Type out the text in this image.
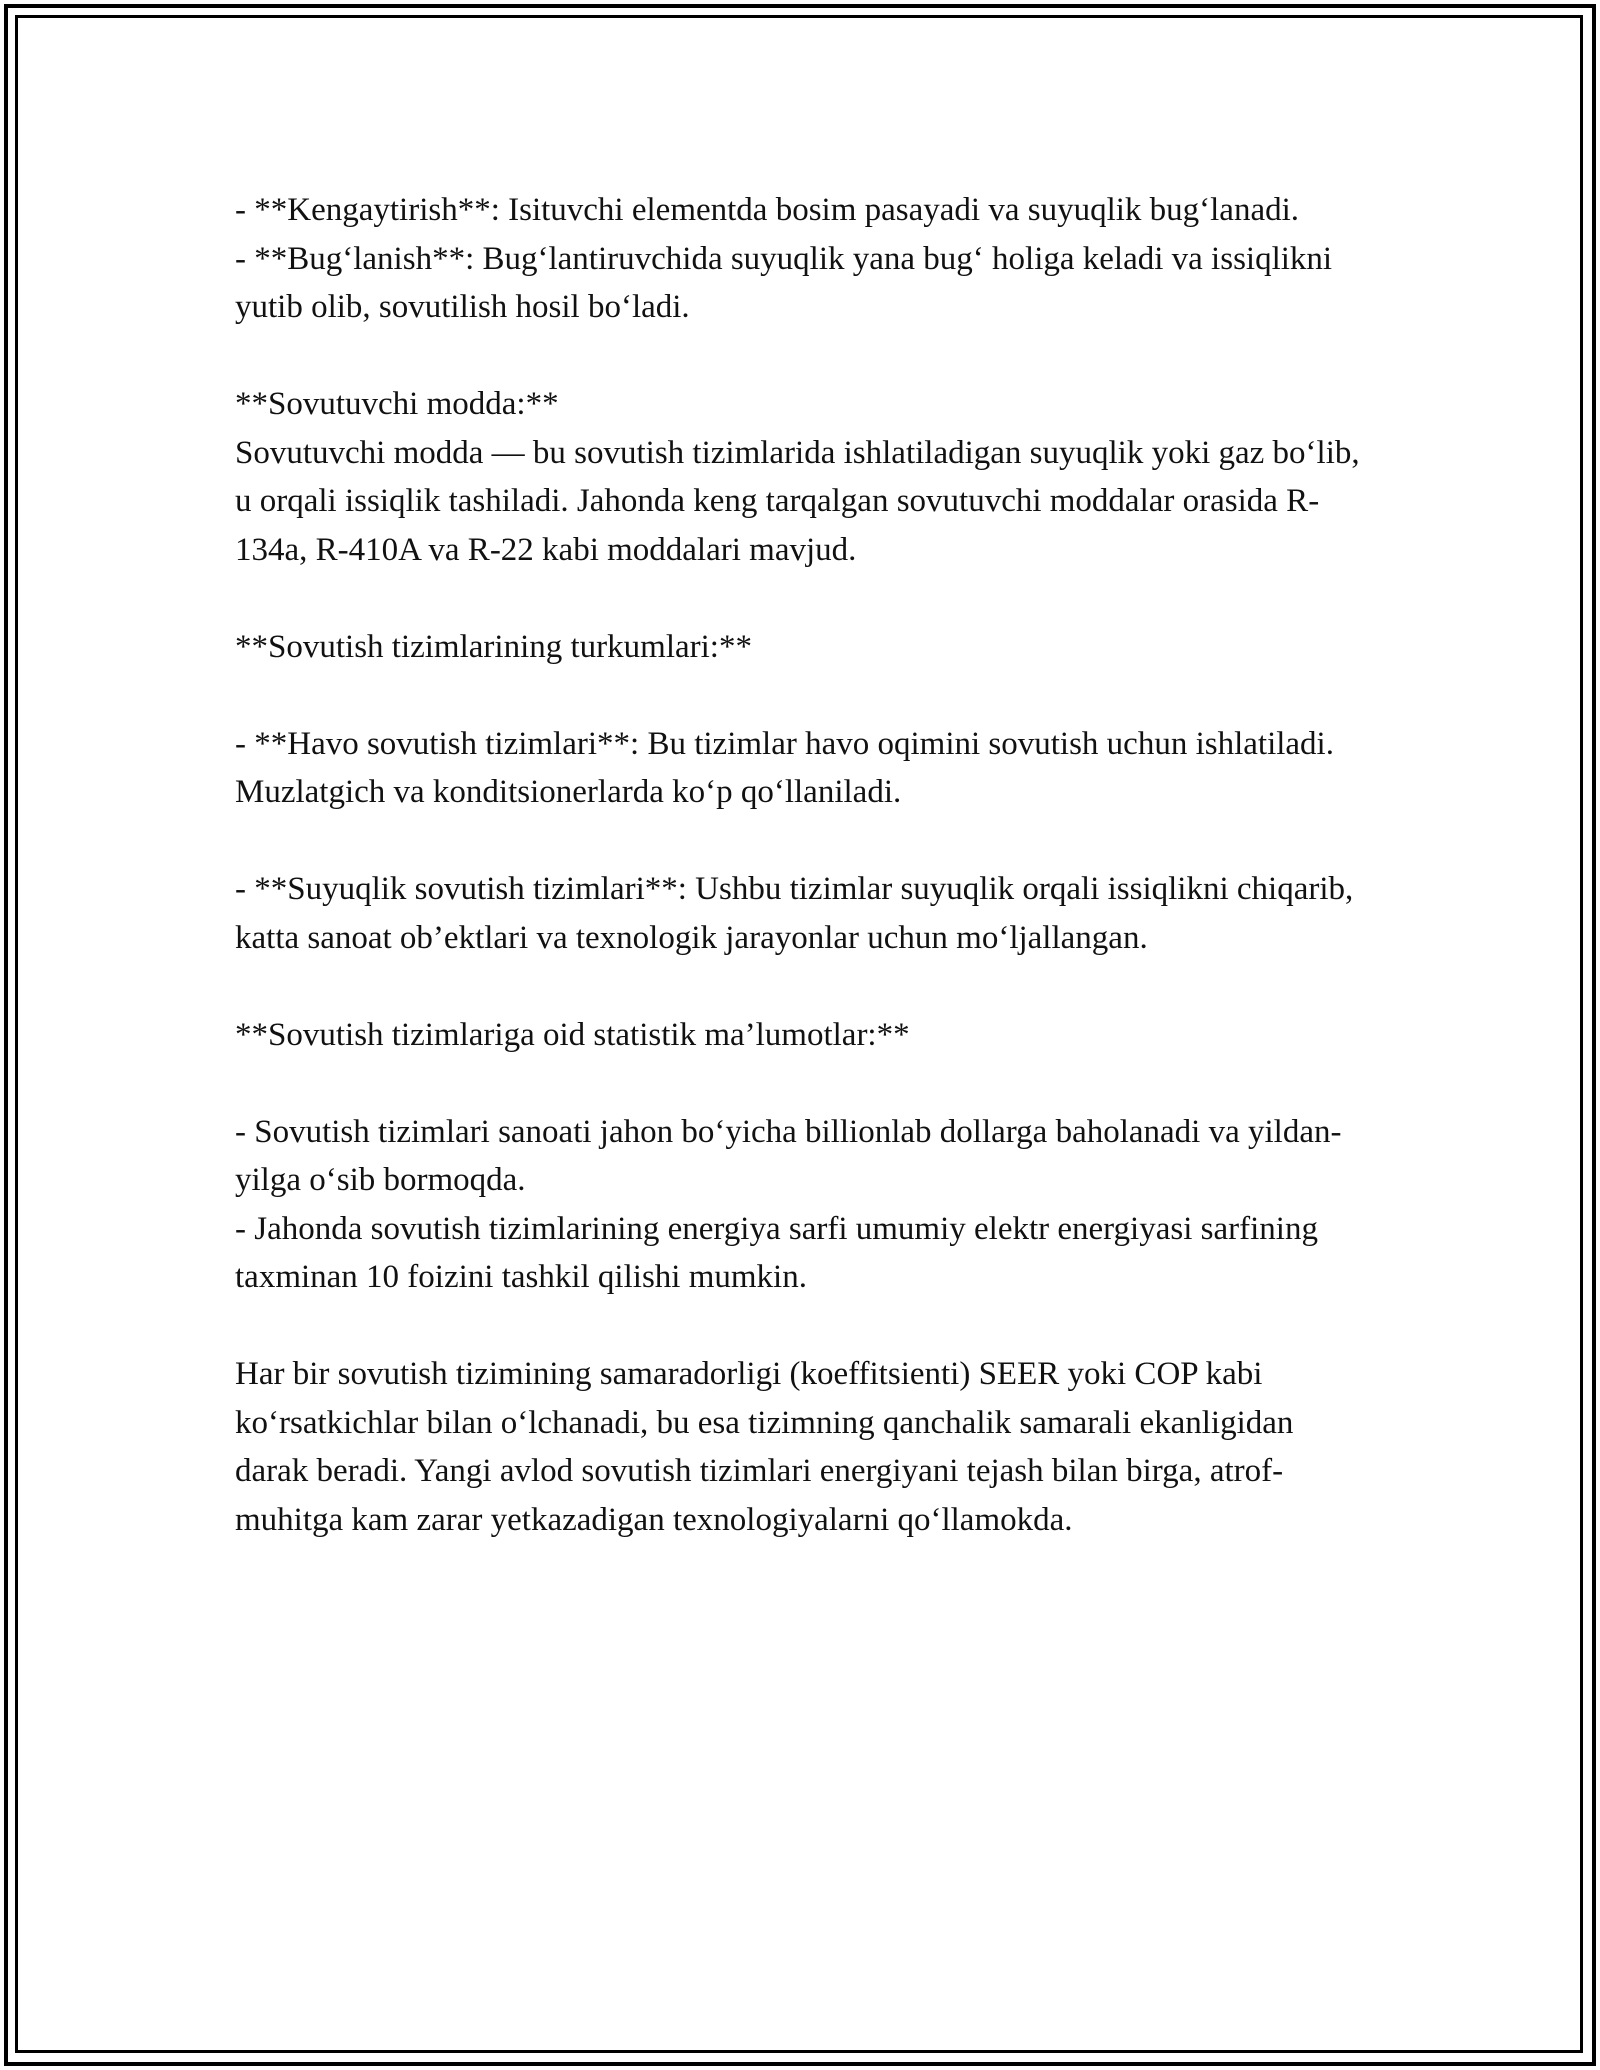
- **Kengaytirish**: Isituvchi elementda bosim pasayadi va suyuqlik bug‘lanadi.

- **Bug‘lanish**: Bug‘lantiruvchida suyuqlik yana bug‘ holiga keladi va issiqlikni yutib olib, sovutilish hosil bo‘ladi.

**Sovutuvchi modda:**

Sovutuvchi modda — bu sovutish tizimlarida ishlatiladigan suyuqlik yoki gaz bo‘lib, u orqali issiqlik tashiladi. Jahonda keng tarqalgan sovutuvchi moddalar orasida R-134a, R-410A va R-22 kabi moddalari mavjud.

**Sovutish tizimlarining turkumlari:**

- **Havo sovutish tizimlari**: Bu tizimlar havo oqimini sovutish uchun ishlatiladi. Muzlatgich va konditsionerlarda ko‘p qo‘llaniladi.

- **Suyuqlik sovutish tizimlari**: Ushbu tizimlar suyuqlik orqali issiqlikni chiqarib, katta sanoat ob’ektlari va texnologik jarayonlar uchun mo‘ljallangan.

**Sovutish tizimlariga oid statistik ma’lumotlar:**

- Sovutish tizimlari sanoati jahon bo‘yicha billionlab dollarga baholanadi va yildan-yilga o‘sib bormoqda.

- Jahonda sovutish tizimlarining energiya sarfi umumiy elektr energiyasi sarfining taxminan 10 foizini tashkil qilishi mumkin.

Har bir sovutish tizimining samaradorligi (koeffitsienti) SEER yoki COP kabi ko‘rsatkichlar bilan o‘lchanadi, bu esa tizimning qanchalik samarali ekanligidan darak beradi. Yangi avlod sovutish tizimlari energiyani tejash bilan birga, atrof-muhitga kam zarar yetkazadigan texnologiyalarni qo‘llamokda.
